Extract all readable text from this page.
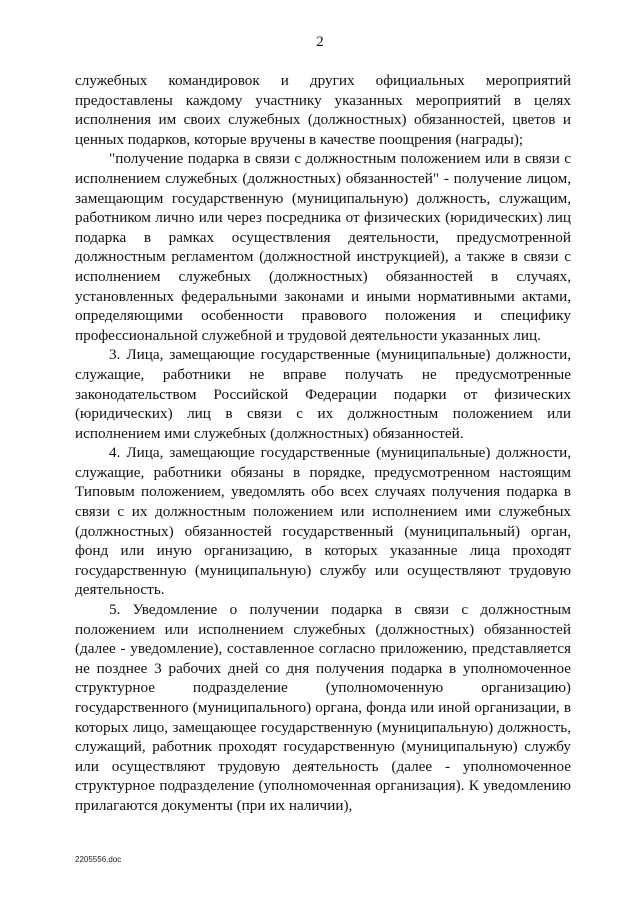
2

служебных командировок и других официальных мероприятий предоставлены каждому участнику указанных мероприятий в целях исполнения им своих служебных (должностных) обязанностей, цветов и ценных подарков, которые вручены в качестве поощрения (награды);

"получение подарка в связи с должностным положением или в связи с исполнением служебных (должностных) обязанностей" - получение лицом, замещающим государственную (муниципальную) должность, служащим, работником лично или через посредника от физических (юридических) лиц подарка в рамках осуществления деятельности, предусмотренной должностным регламентом (должностной инструкцией), а также в связи с исполнением служебных (должностных) обязанностей в случаях, установленных федеральными законами и иными нормативными актами, определяющими особенности правового положения и специфику профессиональной служебной и трудовой деятельности указанных лиц.

3. Лица, замещающие государственные (муниципальные) должности, служащие, работники не вправе получать не предусмотренные законодательством Российской Федерации подарки от физических (юридических) лиц в связи с их должностным положением или исполнением ими служебных (должностных) обязанностей.

4. Лица, замещающие государственные (муниципальные) должности, служащие, работники обязаны в порядке, предусмотренном настоящим Типовым положением, уведомлять обо всех случаях получения подарка в связи с их должностным положением или исполнением ими служебных (должностных) обязанностей государственный (муниципальный) орган, фонд или иную организацию, в которых указанные лица проходят государственную (муниципальную) службу или осуществляют трудовую деятельность.

5. Уведомление о получении подарка в связи с должностным положением или исполнением служебных (должностных) обязанностей (далее - уведомление), составленное согласно приложению, представляется не позднее 3 рабочих дней со дня получения подарка в уполномоченное структурное подразделение (уполномоченную организацию) государственного (муниципального) органа, фонда или иной организации, в которых лицо, замещающее государственную (муниципальную) должность, служащий, работник проходят государственную (муниципальную) службу или осуществляют трудовую деятельность (далее - уполномоченное структурное подразделение (уполномоченная организация). К уведомлению прилагаются документы (при их наличии),

2205556.doc
